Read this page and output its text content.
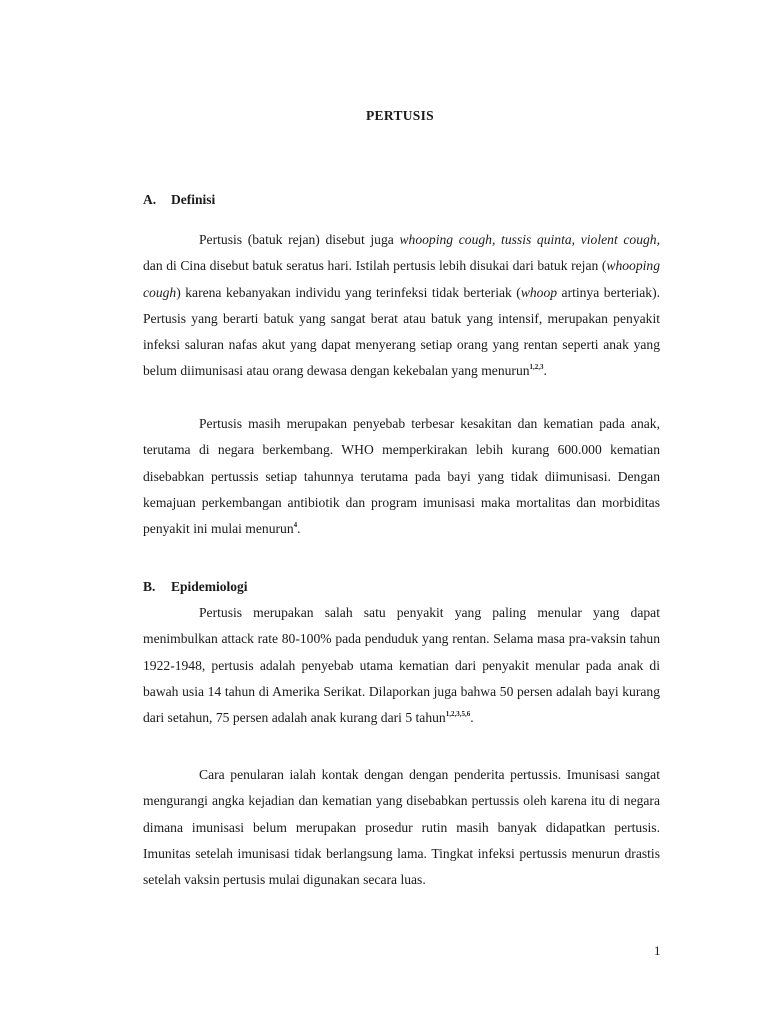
PERTUSIS
A. Definisi

Pertusis (batuk rejan) disebut juga whooping cough, tussis quinta, violent cough, dan di Cina disebut batuk seratus hari. Istilah pertusis lebih disukai dari batuk rejan (whooping cough) karena kebanyakan individu yang terinfeksi tidak berteriak (whoop artinya berteriak). Pertusis yang berarti batuk yang sangat berat atau batuk yang intensif, merupakan penyakit infeksi saluran nafas akut yang dapat menyerang setiap orang yang rentan seperti anak yang belum diimunisasi atau orang dewasa dengan kekebalan yang menurun$^{1,2,3}$.

Pertusis masih merupakan penyebab terbesar kesakitan dan kematian pada anak, terutama di negara berkembang. WHO memperkirakan lebih kurang 600.000 kematian disebabkan pertussis setiap tahunnya terutama pada bayi yang tidak diimunisasi. Dengan kemajuan perkembangan antibiotik dan program imunisasi maka mortalitas dan morbiditas penyakit ini mulai menurun$^4$.

B. Epidemiologi

Pertusis merupakan salah satu penyakit yang paling menular yang dapat menimbulkan attack rate 80-100% pada penduduk yang rentan. Selama masa pra-vaksin tahun 1922-1948, pertusis adalah penyebab utama kematian dari penyakit menular pada anak di bawah usia 14 tahun di Amerika Serikat. Dilaporkan juga bahwa 50 persen adalah bayi kurang dari setahun, 75 persen adalah anak kurang dari 5 tahun$^{1,2,3,5,6}$.

Cara penularan ialah kontak dengan dengan penderita pertussis. Imunisasi sangat mengurangi angka kejadian dan kematian yang disebabkan pertussis oleh karena itu di negara dimana imunisasi belum merupakan prosedur rutin masih banyak didapatkan pertusis. Imunitas setelah imunisasi tidak berlangsung lama. Tingkat infeksi pertussis menurun drastis setelah vaksin pertusis mulai digunakan secara luas.

1
